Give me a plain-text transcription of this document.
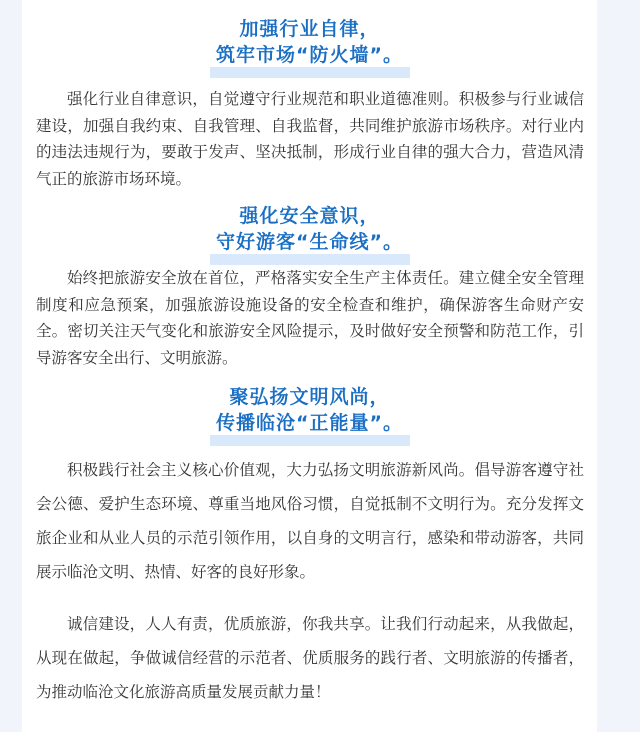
加强行业自律，
筑牢市场“防火墙”。

强化行业自律意识，自觉遵守行业规范和职业道德准则。积极参与行业诚信建设，加强自我约束、自我管理、自我监督，共同维护旅游市场秩序。对行业内的违法违规行为，要敢于发声、坚决抵制，形成行业自律的强大合力，营造风清气正的旅游市场环境。

强化安全意识，
守好游客“生命线”。

始终把旅游安全放在首位，严格落实安全生产主体责任。建立健全安全管理制度和应急预案，加强旅游设施设备的安全检查和维护，确保游客生命财产安全。密切关注天气变化和旅游安全风险提示，及时做好安全预警和防范工作，引导游客安全出行、文明旅游。

聚弘扬文明风尚，
传播临沧“正能量”。

积极践行社会主义核心价值观，大力弘扬文明旅游新风尚。倡导游客遵守社会公德、爱护生态环境、尊重当地风俗习惯，自觉抵制不文明行为。充分发挥文旅企业和从业人员的示范引领作用，以自身的文明言行，感染和带动游客，共同展示临沧文明、热情、好客的良好形象。

诚信建设，人人有责，优质旅游，你我共享。让我们行动起来，从我做起，从现在做起，争做诚信经营的示范者、优质服务的践行者、文明旅游的传播者，为推动临沧文化旅游高质量发展贡献力量！
